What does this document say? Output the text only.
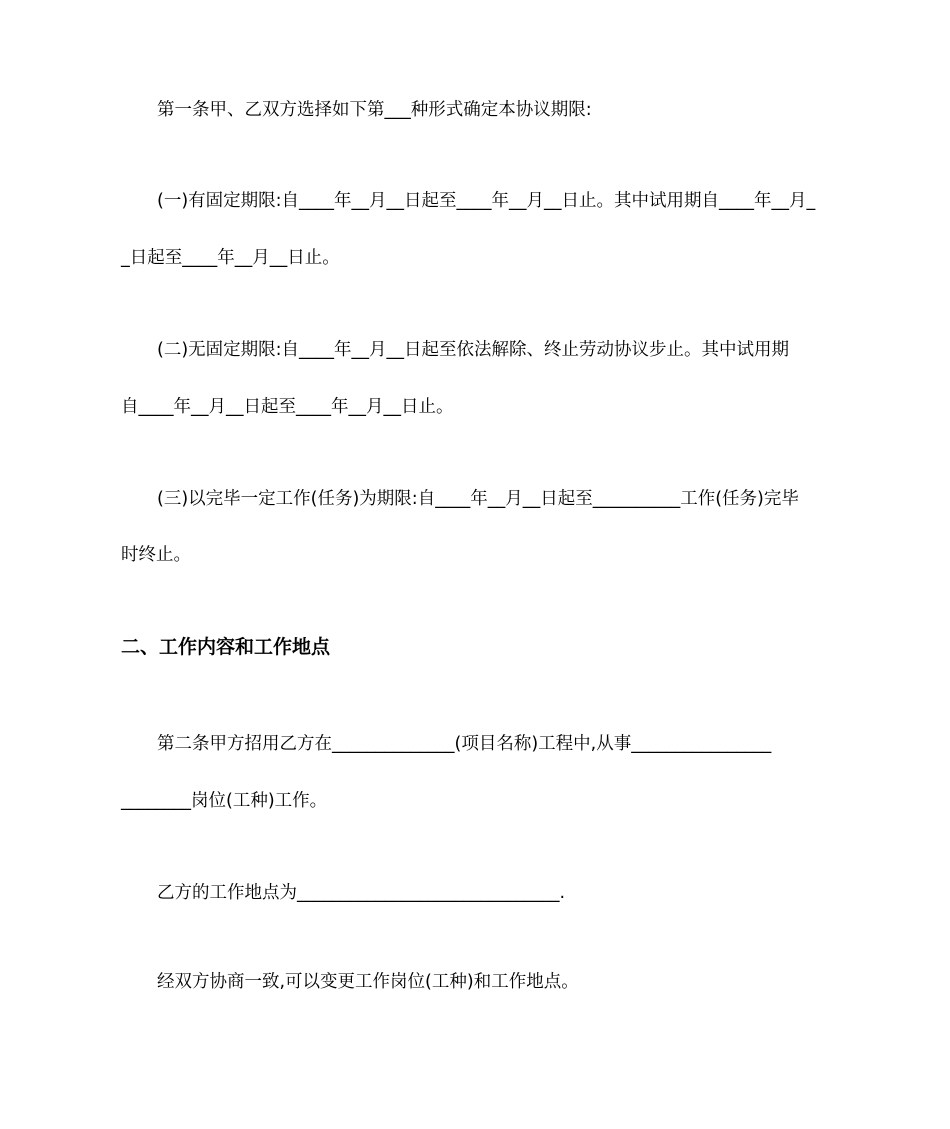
第一条甲、乙双方选择如下第___种形式确定本协议期限:
(一)有固定期限:自____年__月__日起至____年__月__日止。其中试用期自____年__月_
_日起至____年__月__日止。
(二)无固定期限:自____年__月__日起至依法解除、终止劳动协议步止。其中试用期
自____年__月__日起至____年__月__日止。
(三)以完毕一定工作(任务)为期限:自____年__月__日起至__________工作(任务)完毕
时终止。
二、工作内容和工作地点
第二条甲方招用乙方在______________(项目名称)工程中,从事________________
________岗位(工种)工作。
乙方的工作地点为______________________________.
经双方协商一致,可以变更工作岗位(工种)和工作地点。
